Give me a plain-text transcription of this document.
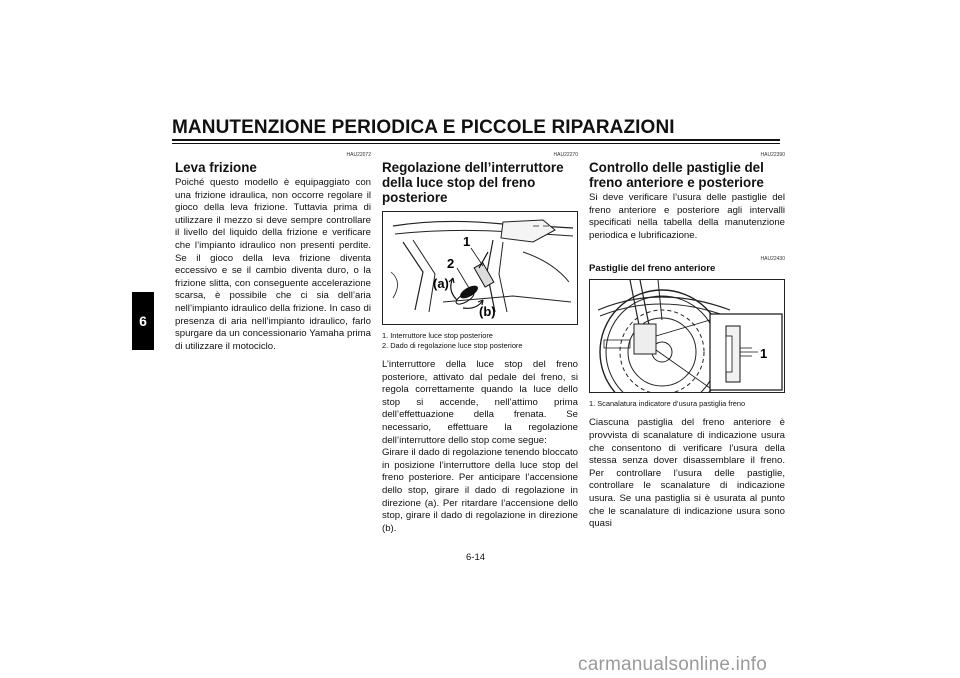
MANUTENZIONE PERIODICA E PICCOLE RIPARAZIONI
6
HAU22072
Leva frizione

Poiché questo modello è equipaggiato con una frizione idraulica, non occorre regolare il gioco della leva frizione. Tuttavia prima di utilizzare il mezzo si deve sempre controllare il livello del liquido della frizione e verificare che l’impianto idraulico non presenti perdite. Se il gioco della leva frizione diventa eccessivo e se il cambio diventa duro, o la frizione slitta, con conseguente accelerazione scarsa, è possibile che ci sia dell’aria nell’impianto idraulico della frizione. In caso di presenza di aria nell’impianto idraulico, farlo spurgare da un concessionario Yamaha prima di utilizzare il motociclo.

HAU22270
Regolazione dell’interruttore della luce stop del freno posteriore
1
2
(a)
(b)
1. Interruttore luce stop posteriore
2. Dado di regolazione luce stop posteriore

L’interruttore della luce stop del freno posteriore, attivato dal pedale del freno, si regola correttamente quando la luce dello stop si accende, nell’attimo prima dell’effettuazione della frenata. Se necessario, effettuare la regolazione dell’interruttore dello stop come segue:

Girare il dado di regolazione tenendo bloccato in posizione l’interruttore della luce stop del freno posteriore. Per anticipare l’accensione dello stop, girare il dado di regolazione in direzione (a). Per ritardare l’accensione dello stop, girare il dado di regolazione in direzione (b).

HAU22390
Controllo delle pastiglie del freno anteriore e posteriore

Si deve verificare l’usura delle pastiglie del freno anteriore e posteriore agli intervalli specificati nella tabella della manutenzione periodica e lubrificazione.

HAU22430
Pastiglie del freno anteriore
1
1. Scanalatura indicatore d’usura pastiglia freno

Ciascuna pastiglia del freno anteriore è provvista di scanalature di indicazione usura che consentono di verificare l’usura della stessa senza dover disassemblare il freno. Per controllare l’usura delle pastiglie, controllare le scanalature di indicazione usura. Se una pastiglia si è usurata al punto che le scanalature di indicazione usura sono quasi

6-14
carmanualsonline.info
